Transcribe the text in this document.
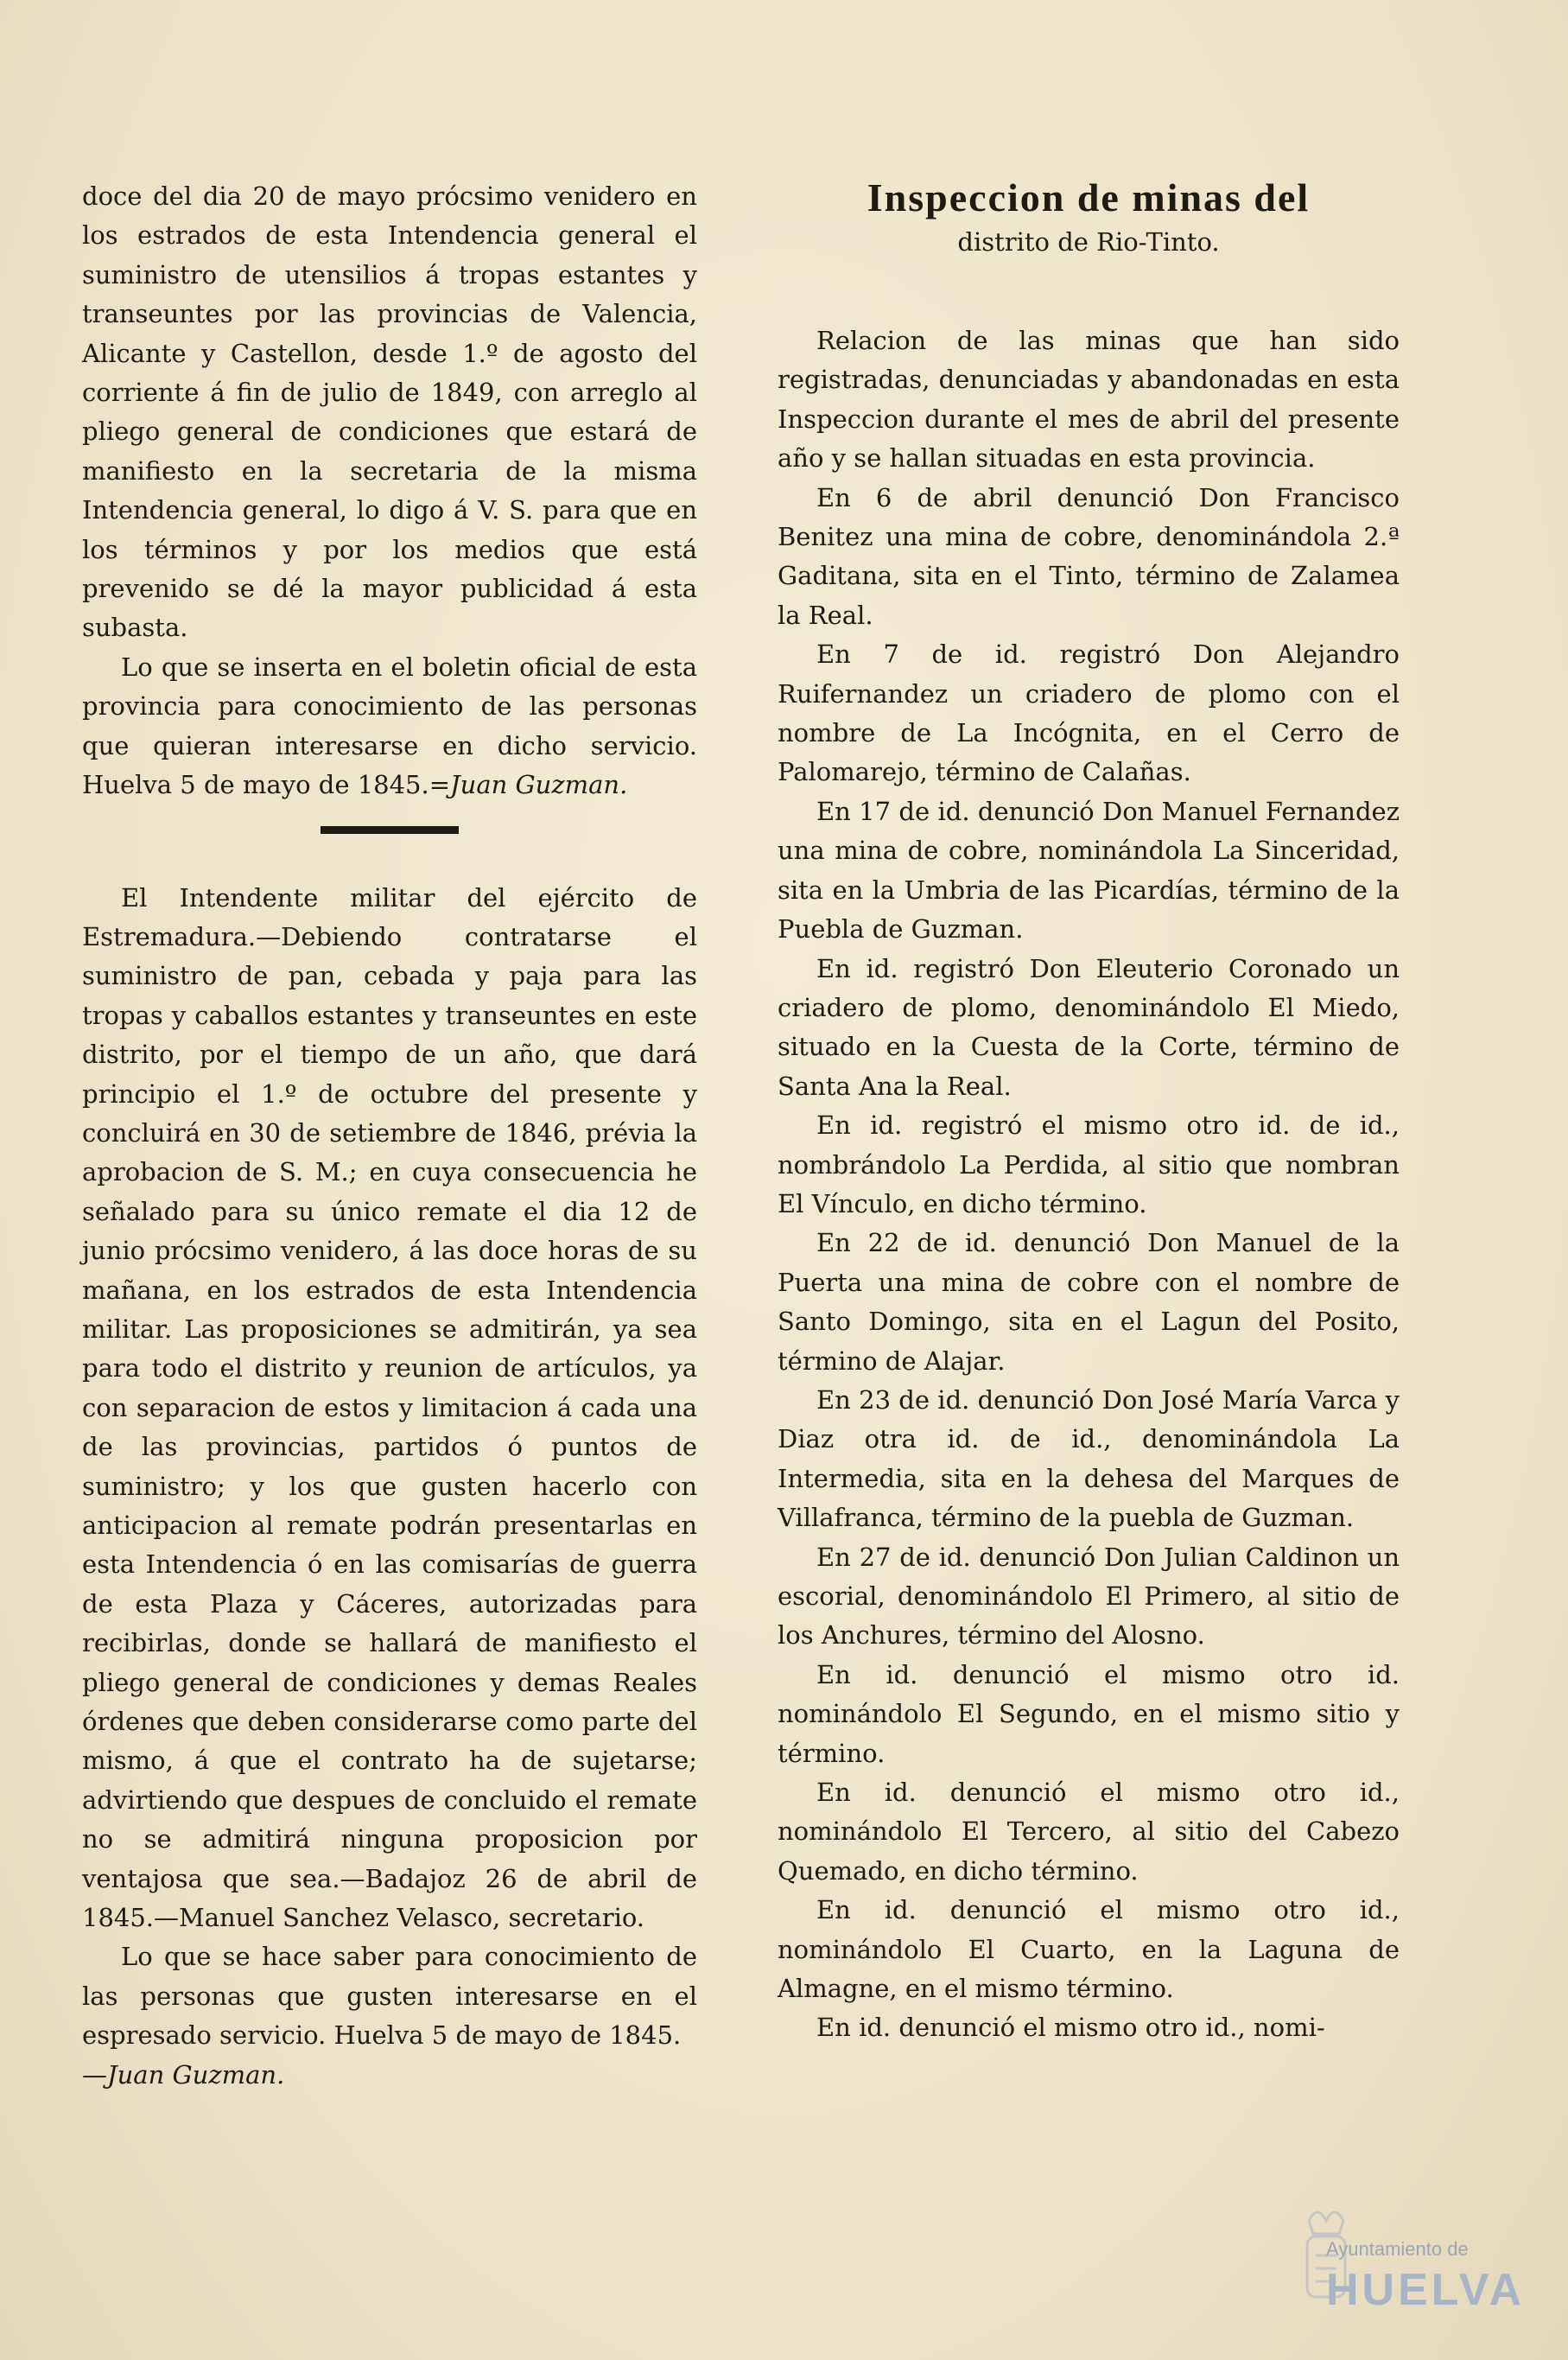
doce del dia 20 de mayo prócsimo venidero en los estrados de esta Intendencia general el suministro de utensilios á tropas estantes y transeuntes por las provincias de Valencia, Alicante y Castellon, desde 1.º de agosto del corriente á fin de julio de 1849, con arreglo al pliego general de condiciones que estará de manifiesto en la secretaria de la misma Intendencia general, lo digo á V. S. para que en los términos y por los medios que está prevenido se dé la mayor publicidad á esta subasta.

Lo que se inserta en el boletin oficial de esta provincia para conocimiento de las personas que quieran interesarse en dicho servicio. Huelva 5 de mayo de 1845.=Juan Guzman.

El Intendente militar del ejército de Estremadura.—Debiendo contratarse el suministro de pan, cebada y paja para las tropas y caballos estantes y transeuntes en este distrito, por el tiempo de un año, que dará principio el 1.º de octubre del presente y concluirá en 30 de setiembre de 1846, prévia la aprobacion de S. M.; en cuya consecuencia he señalado para su único remate el dia 12 de junio prócsimo venidero, á las doce horas de su mañana, en los estrados de esta Intendencia militar. Las proposiciones se admitirán, ya sea para todo el distrito y reunion de artículos, ya con separacion de estos y limitacion á cada una de las provincias, partidos ó puntos de suministro; y los que gusten hacerlo con anticipacion al remate podrán presentarlas en esta Intendencia ó en las comisarías de guerra de esta Plaza y Cáceres, autorizadas para recibirlas, donde se hallará de manifiesto el pliego general de condiciones y demas Reales órdenes que deben considerarse como parte del mismo, á que el contrato ha de sujetarse; advirtiendo que despues de concluido el remate no se admitirá ninguna proposicion por ventajosa que sea.—Badajoz 26 de abril de 1845.—Manuel Sanchez Velasco, secretario.

Lo que se hace saber para conocimiento de las personas que gusten interesarse en el espresado servicio. Huelva 5 de mayo de 1845.

—Juan Guzman.

Inspeccion de minas del
distrito de Rio-Tinto.

Relacion de las minas que han sido registradas, denunciadas y abandonadas en esta Inspeccion durante el mes de abril del presente año y se hallan situadas en esta provincia.

En 6 de abril denunció Don Francisco Benitez una mina de cobre, denominándola 2.ª Gaditana, sita en el Tinto, término de Zalamea la Real.

En 7 de id. registró Don Alejandro Ruifernandez un criadero de plomo con el nombre de La Incógnita, en el Cerro de Palomarejo, término de Calañas.

En 17 de id. denunció Don Manuel Fernandez una mina de cobre, nominándola La Sinceridad, sita en la Umbria de las Picardías, término de la Puebla de Guzman.

En id. registró Don Eleuterio Coronado un criadero de plomo, denominándolo El Miedo, situado en la Cuesta de la Corte, término de Santa Ana la Real.

En id. registró el mismo otro id. de id., nombrándolo La Perdida, al sitio que nombran El Vínculo, en dicho término.

En 22 de id. denunció Don Manuel de la Puerta una mina de cobre con el nombre de Santo Domingo, sita en el Lagun del Posito, término de Alajar.

En 23 de id. denunció Don José María Varca y Diaz otra id. de id., denominándola La Intermedia, sita en la dehesa del Marques de Villafranca, término de la puebla de Guzman.

En 27 de id. denunció Don Julian Caldinon un escorial, denominándolo El Primero, al sitio de los Anchures, término del Alosno.

En id. denunció el mismo otro id. nominándolo El Segundo, en el mismo sitio y término.

En id. denunció el mismo otro id., nominándolo El Tercero, al sitio del Cabezo Quemado, en dicho término.

En id. denunció el mismo otro id., nominándolo El Cuarto, en la Laguna de Almagne, en el mismo término.

En id. denunció el mismo otro id., nomi-

Ayuntamiento de
HUELVA
